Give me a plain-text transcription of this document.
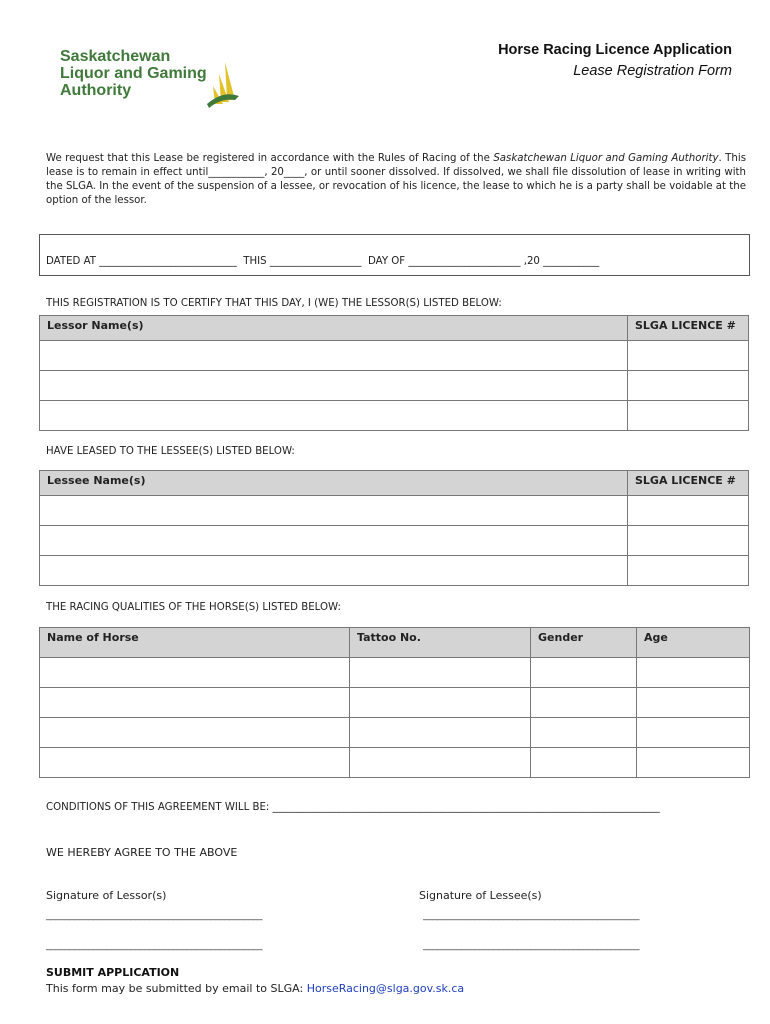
Saskatchewan
Liquor and Gaming
Authority
Horse Racing Licence Application
Lease Registration Form
We request that this Lease be registered in accordance with the Rules of Racing of the Saskatchewan Liquor and Gaming Authority. This lease is to remain in effect until___________, 20____, or until sooner dissolved. If dissolved, we shall file dissolution of lease in writing with the SLGA. In the event of the suspension of a lessee, or revocation of his licence, the lease to which he is a party shall be voidable at the option of the lessor.
DATED AT ___________________________  THIS __________________  DAY OF ______________________ ,20 ___________
THIS REGISTRATION IS TO CERTIFY THAT THIS DAY, I (WE) THE LESSOR(S) LISTED BELOW:
Lessor Name(s)	SLGA LICENCE #

HAVE LEASED TO THE LESSEE(S) LISTED BELOW:
Lessee Name(s)	SLGA LICENCE #

THE RACING QUALITIES OF THE HORSE(S) LISTED BELOW:
Name of Horse	Tattoo No.	Gender	Age

CONDITIONS OF THIS AGREEMENT WILL BE: ____________________________________________________________________________
WE HEREBY AGREE TO THE ABOVE
Signature of Lessor(s)	Signature of Lessee(s)
______________________________________________	______________________________________________
______________________________________________	______________________________________________
SUBMIT APPLICATION
This form may be submitted by email to SLGA: HorseRacing@slga.gov.sk.ca
